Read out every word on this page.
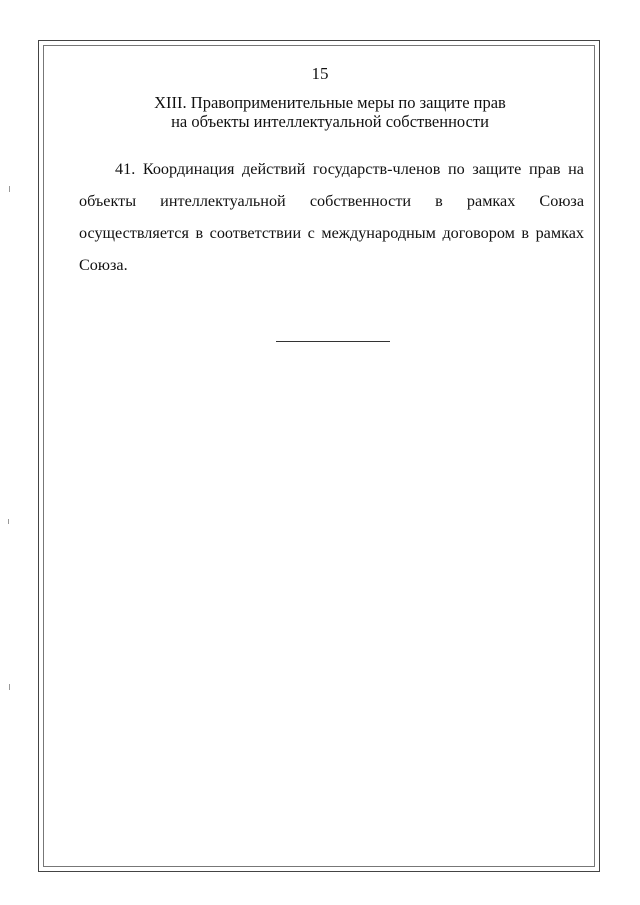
15
XIII. Правоприменительные меры по защите прав
на объекты интеллектуальной собственности
41. Координация действий государств-членов по защите прав на
объекты интеллектуальной собственности в рамках Союза
осуществляется в соответствии с международным договором в рамках
Союза.
